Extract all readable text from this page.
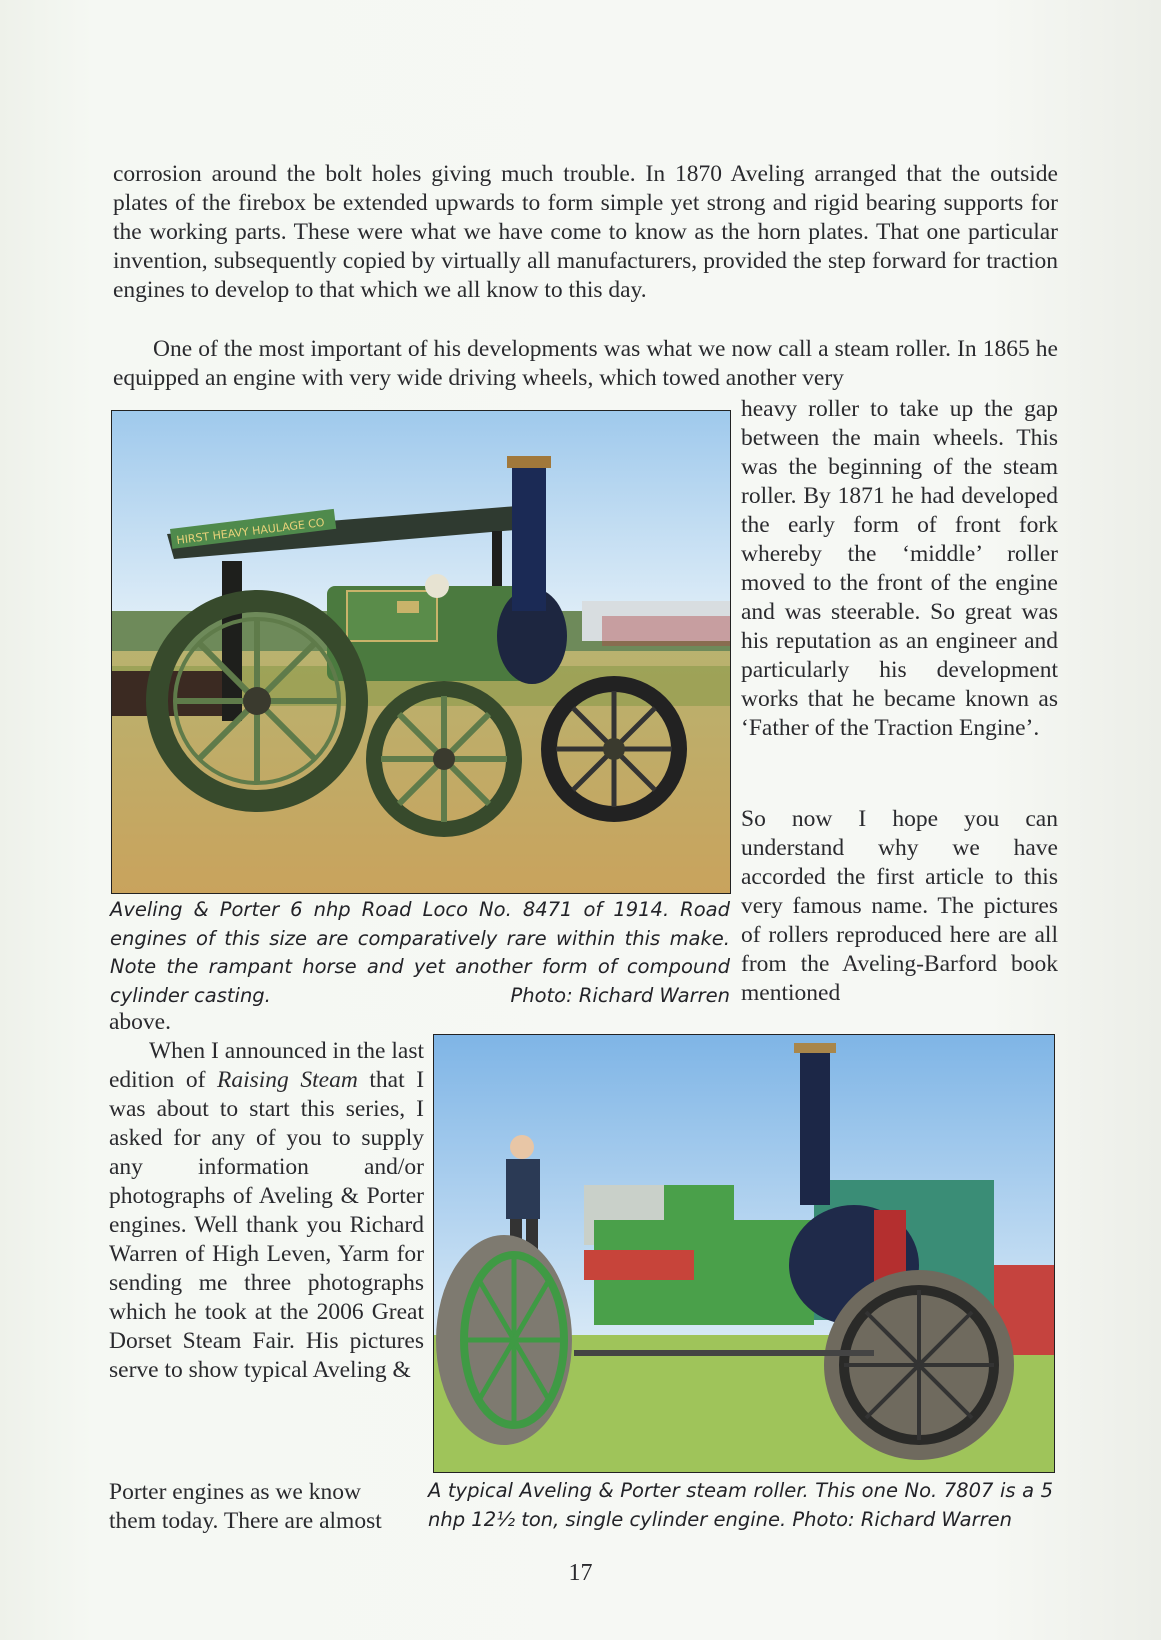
corrosion around the bolt holes giving much trouble. In 1870 Aveling arranged that the outside plates of the firebox be extended upwards to form simple yet strong and rigid bearing supports for the working parts. These were what we have come to know as the horn plates. That one particular invention, subsequently copied by virtually all manufacturers, provided the step forward for traction engines to develop to that which we all know to this day.
One of the most important of his developments was what we now call a steam roller. In 1865 he equipped an engine with very wide driving wheels, which towed another very
HIRST HEAVY HAULAGE CO
Aveling & Porter 6 nhp Road Loco No. 8471 of 1914. Road engines of this size are comparatively rare within this make. Note the rampant horse and yet another form of compound cylinder casting.	Photo: Richard Warren
heavy roller to take up the gap between the main wheels. This was the beginning of the steam roller. By 1871 he had developed the early form of front fork whereby the ‘middle’ roller moved to the front of the engine and was steerable. So great was his reputation as an engineer and particularly his development works that he became known as ‘Father of the Traction Engine’.
So now I hope you can understand why we have accorded the first article to this very famous name. The pictures of rollers reproduced here are all from the Aveling-Barford book mentioned

above.

When I announced in the last edition of Raising Steam that I was about to start this series, I asked for any of you to supply any information and/or photographs of Aveling & Porter engines. Well thank you Richard Warren of High Leven, Yarm for sending me three photographs which he took at the 2006 Great Dorset Steam Fair. His pictures serve to show typical Aveling &

Porter engines as we know
them today. There are almost
A typical Aveling & Porter steam roller. This one No. 7807 is a 5 nhp 12½ ton, single cylinder engine. Photo: Richard Warren
17
